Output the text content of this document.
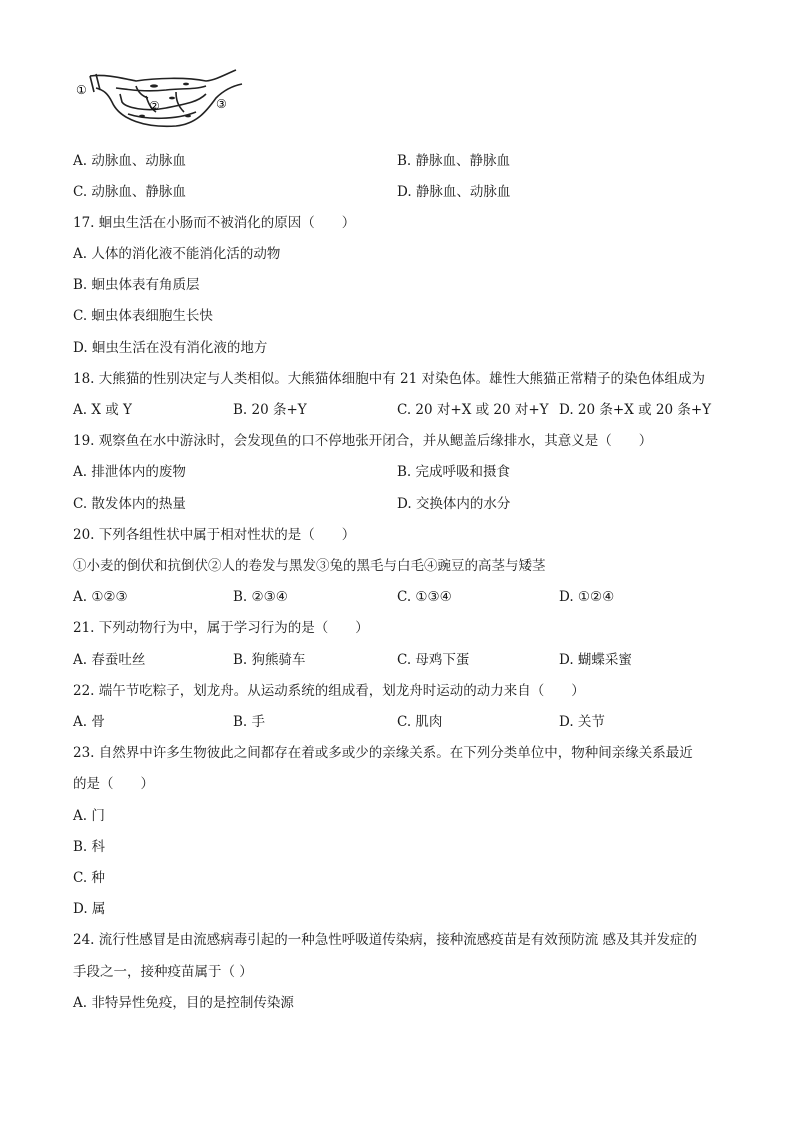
①
②	③
A. 动脉血、动脉血	B. 静脉血、静脉血
C. 动脉血、静脉血	D. 静脉血、动脉血
17. 蛔虫生活在小肠而不被消化的原因（　　）
A. 人体的消化液不能消化活的动物
B. 蛔虫体表有角质层
C. 蛔虫体表细胞生长快
D. 蛔虫生活在没有消化液的地方
18. 大熊猫的性别决定与人类相似。大熊猫体细胞中有 21 对染色体。雄性大熊猫正常精子的染色体组成为
A. X 或 Y	B. 20 条+Y	C. 20 对+X 或 20 对+Y D. 20 条+X 或 20 条+Y
19. 观察鱼在水中游泳时，会发现鱼的口不停地张开闭合，并从鳃盖后缘排水，其意义是（　　）
A. 排泄体内的废物	B. 完成呼吸和摄食
C. 散发体内的热量	D. 交换体内的水分
20. 下列各组性状中属于相对性状的是（　　）
①小麦的倒伏和抗倒伏②人的卷发与黑发③兔的黑毛与白毛④豌豆的高茎与矮茎
A. ①②③	B. ②③④	C. ①③④	D. ①②④
21. 下列动物行为中，属于学习行为的是（　　）
A. 春蚕吐丝	B. 狗熊骑车	C. 母鸡下蛋	D. 蝴蝶采蜜
22. 端午节吃粽子，划龙舟。从运动系统的组成看，划龙舟时运动的动力来自（　　）
A. 骨	B. 手	C. 肌肉	D. 关节
23. 自然界中许多生物彼此之间都存在着或多或少的亲缘关系。在下列分类单位中，物种间亲缘关系最近
的是（　　）
A. 门
B. 科
C. 种
D. 属
24. 流行性感冒是由流感病毒引起的一种急性呼吸道传染病，接种流感疫苗是有效预防流 感及其并发症的
手段之一，接种疫苗属于（ ）
A. 非特异性免疫，目的是控制传染源
